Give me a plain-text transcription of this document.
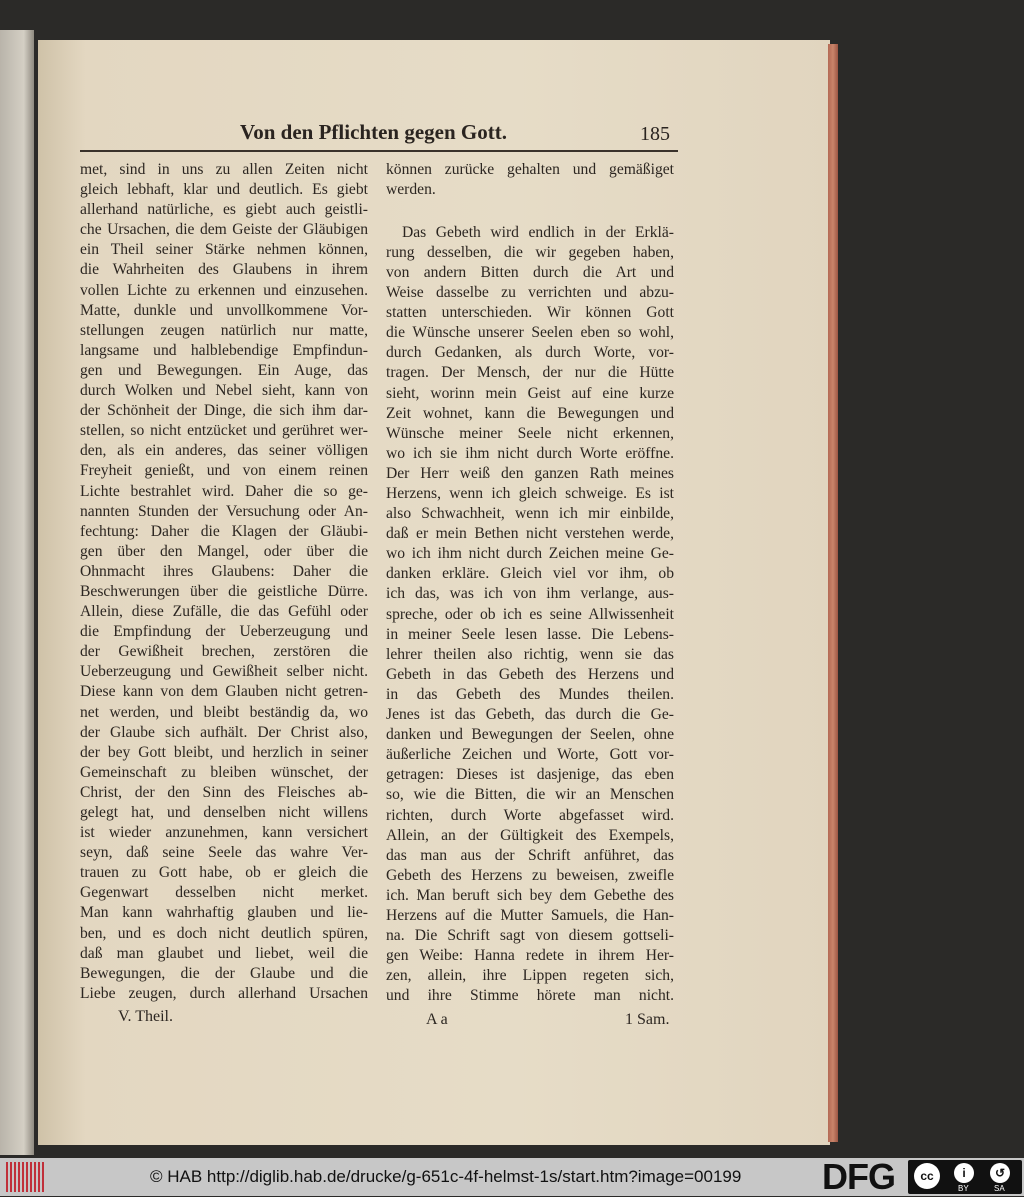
Von den Pflichten gegen Gott.	185
met, sind in uns zu allen Zeiten nicht
gleich lebhaft, klar und deutlich. Es giebt
allerhand natürliche, es giebt auch geistli-
che Ursachen, die dem Geiste der Gläubigen
ein Theil seiner Stärke nehmen können,
die Wahrheiten des Glaubens in ihrem
vollen Lichte zu erkennen und einzusehen.
Matte, dunkle und unvollkommene Vor-
stellungen zeugen natürlich nur matte,
langsame und halblebendige Empfindun-
gen und Bewegungen. Ein Auge, das
durch Wolken und Nebel sieht, kann von
der Schönheit der Dinge, die sich ihm dar-
stellen, so nicht entzücket und gerühret wer-
den, als ein anderes, das seiner völligen
Freyheit genießt, und von einem reinen
Lichte bestrahlet wird. Daher die so ge-
nannten Stunden der Versuchung oder An-
fechtung: Daher die Klagen der Gläubi-
gen über den Mangel, oder über die
Ohnmacht ihres Glaubens: Daher die
Beschwerungen über die geistliche Dürre.
Allein, diese Zufälle, die das Gefühl oder
die Empfindung der Ueberzeugung und
der Gewißheit brechen, zerstören die
Ueberzeugung und Gewißheit selber nicht.
Diese kann von dem Glauben nicht getren-
net werden, und bleibt beständig da, wo
der Glaube sich aufhält. Der Christ also,
der bey Gott bleibt, und herzlich in seiner
Gemeinschaft zu bleiben wünschet, der
Christ, der den Sinn des Fleisches ab-
gelegt hat, und denselben nicht willens
ist wieder anzunehmen, kann versichert
seyn, daß seine Seele das wahre Ver-
trauen zu Gott habe, ob er gleich die
Gegenwart desselben nicht merket.
Man kann wahrhaftig glauben und lie-
ben, und es doch nicht deutlich spüren,
daß man glaubet und liebet, weil die
Bewegungen, die der Glaube und die
Liebe zeugen, durch allerhand Ursachen
können zurücke gehalten und gemäßiget
werden.
Das Gebeth wird endlich in der Erklä-
rung desselben, die wir gegeben haben,
von andern Bitten durch die Art und
Weise dasselbe zu verrichten und abzu-
statten unterschieden. Wir können Gott
die Wünsche unserer Seelen eben so wohl,
durch Gedanken, als durch Worte, vor-
tragen. Der Mensch, der nur die Hütte
sieht, worinn mein Geist auf eine kurze
Zeit wohnet, kann die Bewegungen und
Wünsche meiner Seele nicht erkennen,
wo ich sie ihm nicht durch Worte eröffne.
Der Herr weiß den ganzen Rath meines
Herzens, wenn ich gleich schweige. Es ist
also Schwachheit, wenn ich mir einbilde,
daß er mein Bethen nicht verstehen werde,
wo ich ihm nicht durch Zeichen meine Ge-
danken erkläre. Gleich viel vor ihm, ob
ich das, was ich von ihm verlange, aus-
spreche, oder ob ich es seine Allwissenheit
in meiner Seele lesen lasse. Die Lebens-
lehrer theilen also richtig, wenn sie das
Gebeth in das Gebeth des Herzens und
in das Gebeth des Mundes theilen.
Jenes ist das Gebeth, das durch die Ge-
danken und Bewegungen der Seelen, ohne
äußerliche Zeichen und Worte, Gott vor-
getragen: Dieses ist dasjenige, das eben
so, wie die Bitten, die wir an Menschen
richten, durch Worte abgefasset wird.
Allein, an der Gültigkeit des Exempels,
das man aus der Schrift anführet, das
Gebeth des Herzens zu beweisen, zweifle
ich. Man beruft sich bey dem Gebethe des
Herzens auf die Mutter Samuels, die Han-
na. Die Schrift sagt von diesem gottseli-
gen Weibe: Hanna redete in ihrem Her-
zen, allein, ihre Lippen regeten sich,
und ihre Stimme hörete man nicht.
V. Theil.	A a	1 Sam.
© HAB http://diglib.hab.de/drucke/g-651c-4f-helmst-1s/start.htm?image=00199 DFG	cc	i	↺
BY	SA
